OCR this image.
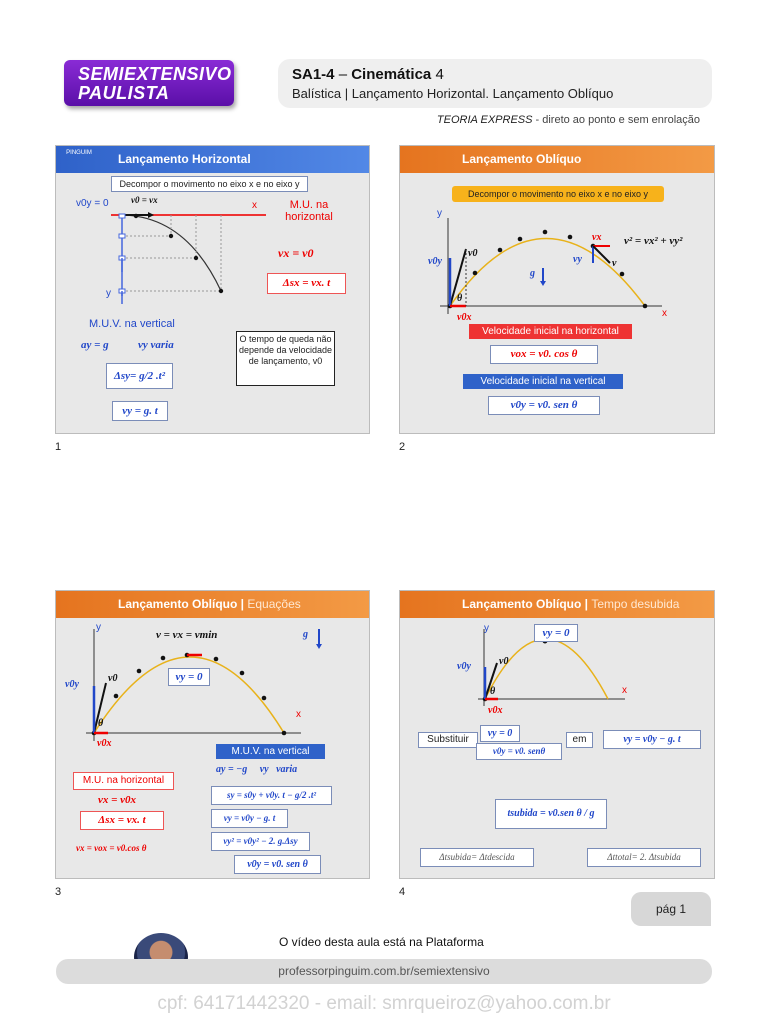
SEMIEXTENSIVO
PAULISTA
SA1-4 – Cinemática 4
Balística | Lançamento Horizontal. Lançamento Oblíquo
TEORIA EXPRESS - direto ao ponto e sem enrolação
PINGUIM	Lançamento Horizontal
Decompor o movimento no eixo x e no eixo y
v0y = 0 v0 = vx	x
y
M.U. na horizontal
vx = v0
Δsx = vx. t
M.U.V. na vertical
ay = g	vy varia
Δsy= g/2 .t²
vy = g. t
O tempo de queda não depende da velocidade de lançamento, v0
1
Lançamento Oblíquo
Decompor o movimento no eixo x e no eixo y
y
x
g
v0y
v0
θ
v0x
vx
vy	v
v² = vx² + vy²
Velocidade inicial na horizontal
vox = v0. cos θ
Velocidade inicial na vertical
v0y = v0. sen θ
2
Lançamento Oblíquo | Equações
v = vx = vmin	g
vy = 0
y
x
v0y
v0
θ
v0x
M.U. na horizontal
vx = v0x
Δsx = vx. t
vx = vox = v0.cos θ
M.U.V. na vertical
ay = −g     vy   varia
sy = s0y + v0y. t − g/2 .t²
vy = v0y − g. t
vy² = v0y² − 2. g.Δsy
v0y = v0. sen θ
3
Lançamento Oblíquo | Tempo desubida
vy = 0
y
x
v0y	v0
θ
v0x
Substituir
vy = 0
v0y = v0. senθ
em	vy = v0y − g. t
tsubida = v0.sen θ / g
Δtsubida= Δtdescida	Δttotal= 2. Δtsubida
4
pág 1
O vídeo desta aula está na Plataforma
professorpinguim.com.br/semiextensivo
cpf: 64171442320 - email: smrqueiroz@yahoo.com.br
